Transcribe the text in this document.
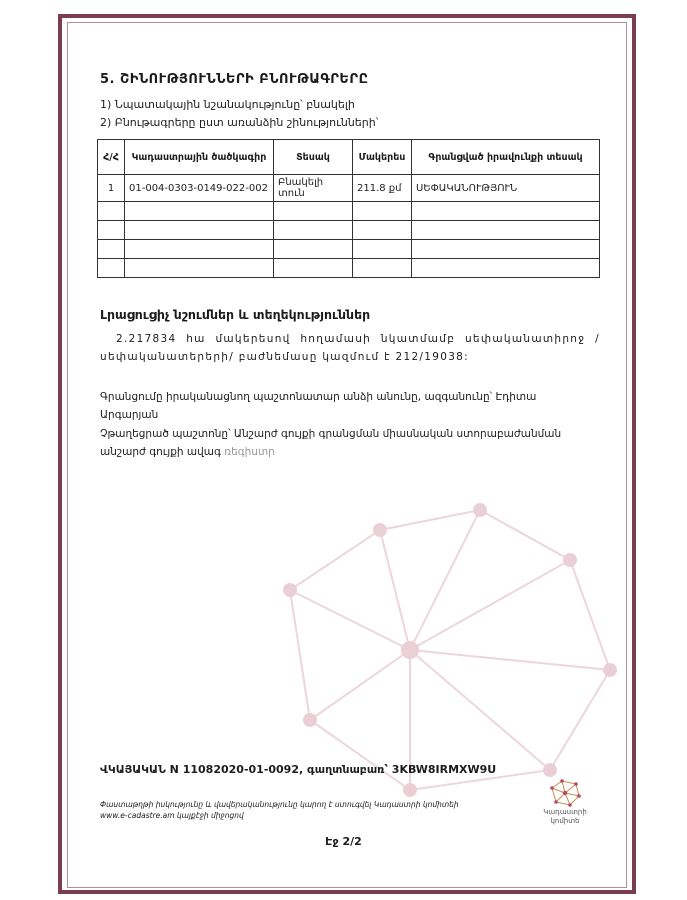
5. ՇԻՆՈՒԹՅՈՒՆՆԵՐԻ ԲՆՈՒԹԱԳՐԵՐԸ
1) Նպատակային նշանակությունը՝ բնակելի
2) Բնութագրերը ըստ առանձին շինությունների՝
Հ/Հ	Կադաստրային ծածկագիր	Տեսակ	Մակերես	Գրանցված իրավունքի տեսակ
1	01-004-0303-0149-022-002	Բնակելի տուն	211.8 քմ	ՍԵՓԱԿԱՆՈՒԹՅՈՒՆ

Լրացուցիչ նշումներ և տեղեկություններ
2.217834 հա մակերեսով հողամասի նկատմամբ սեփականատիրոջ /սեփականատերերի/ բաժնեմասը կազմում է 212/19038:
Գրանցումը իրականացնող պաշտոնատար անձի անունը, ազգանունը՝ Էդիտա Արգարյան
Չթաղեցրած պաշտոնը՝ Անշարժ գույքի գրանցման միասնական ստորաբաժանման անշարժ գույքի ավագ ռեգիստր
ՎԿԱՅԱԿԱՆ N 11082020-01-0092, գաղտնաբառ՝ 3KBW8IRMXW9U
Փաստաթղթի իսկությունը և վավերականությունը կարող է ստուգվել Կադաստրի կոմիտեի
www.e-cadastre.am կայքէջի միջոցով	Կադաստրի
կոմիտե
Էջ 2/2
